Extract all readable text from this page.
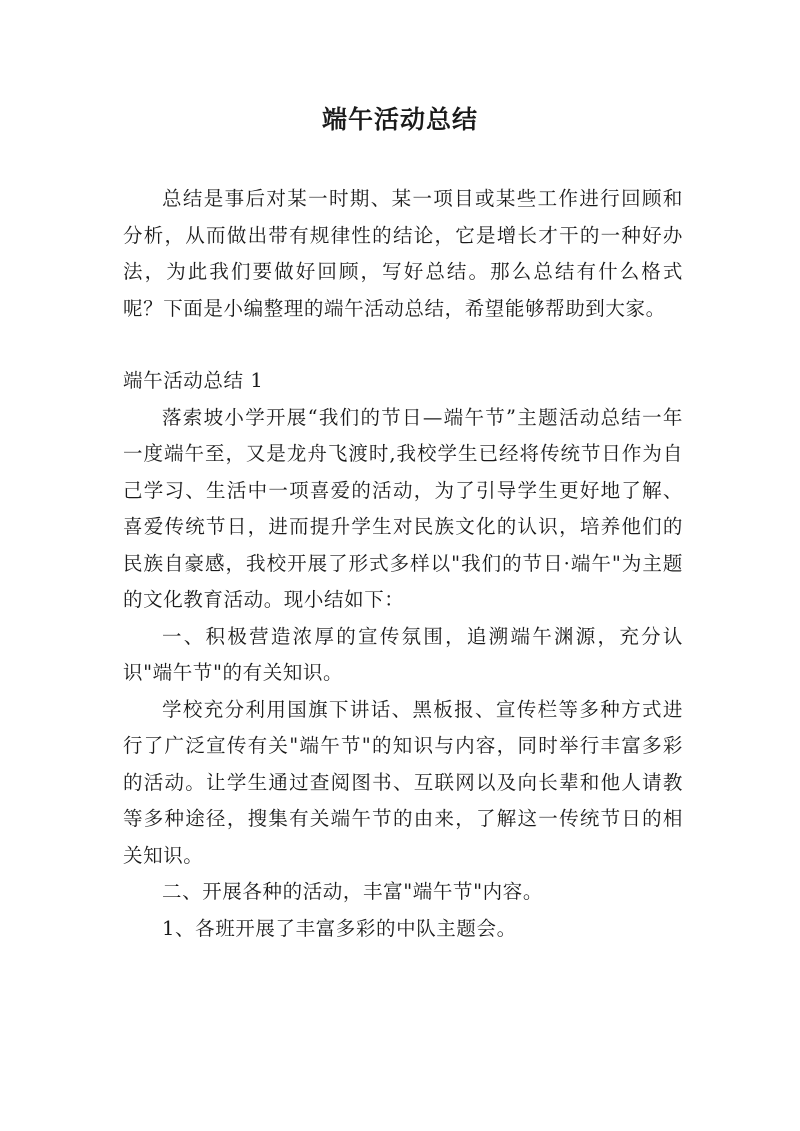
端午活动总结

总结是事后对某一时期、某一项目或某些工作进行回顾和分析，从而做出带有规律性的结论，它是增长才干的一种好办法，为此我们要做好回顾，写好总结。那么总结有什么格式呢？下面是小编整理的端午活动总结，希望能够帮助到大家。

端午活动总结 1

落索坡小学开展“我们的节日—端午节”主题活动总结一年一度端午至，又是龙舟飞渡时,我校学生已经将传统节日作为自己学习、生活中一项喜爱的活动，为了引导学生更好地了解、喜爱传统节日，进而提升学生对民族文化的认识，培养他们的民族自豪感，我校开展了形式多样以"我们的节日·端午"为主题的文化教育活动。现小结如下：

一、积极营造浓厚的宣传氛围，追溯端午渊源，充分认识"端午节"的有关知识。

学校充分利用国旗下讲话、黑板报、宣传栏等多种方式进行了广泛宣传有关"端午节"的知识与内容，同时举行丰富多彩的活动。让学生通过查阅图书、互联网以及向长辈和他人请教等多种途径，搜集有关端午节的由来，了解这一传统节日的相关知识。

二、开展各种的活动，丰富"端午节"内容。

1、各班开展了丰富多彩的中队主题会。
